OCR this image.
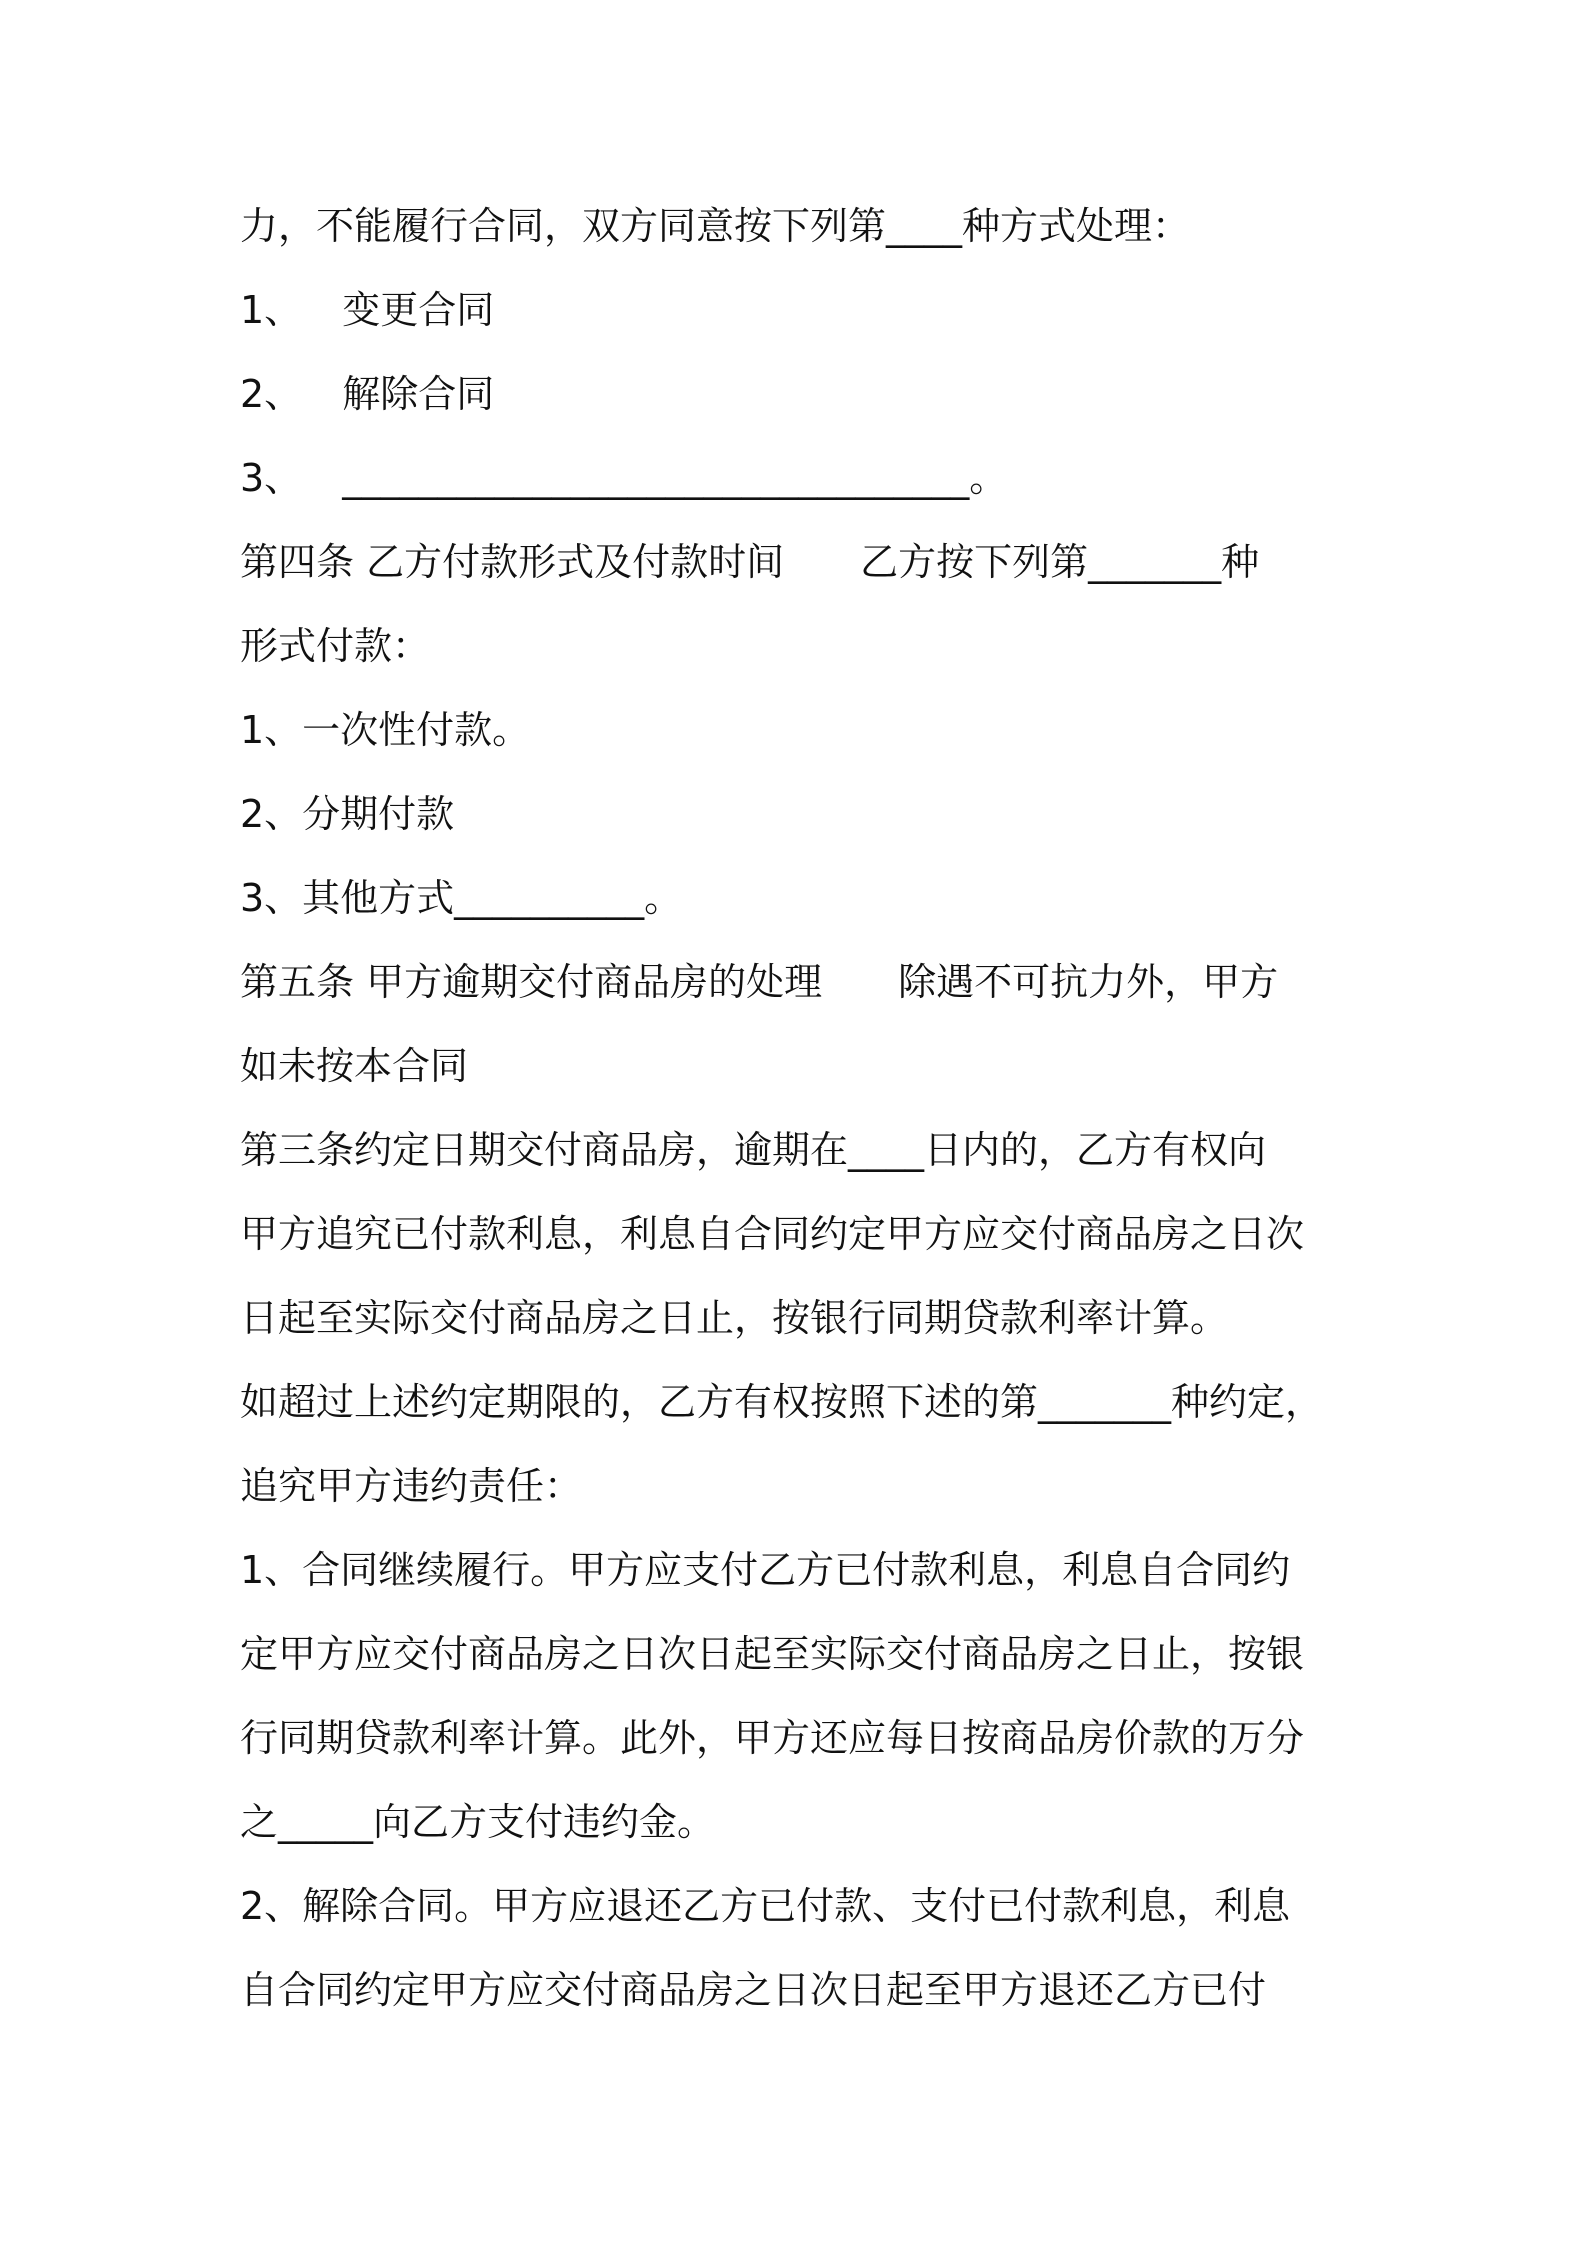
力，不能履行合同，双方同意按下列第____种方式处理：
1、 变更合同
2、 解除合同
3、 _________________________________。
第四条 乙方付款形式及付款时间 乙方按下列第_______种
形式付款：
1、一次性付款。
2、分期付款
3、其他方式__________。
第五条 甲方逾期交付商品房的处理 除遇不可抗力外，甲方
如未按本合同
第三条约定日期交付商品房，逾期在____日内的，乙方有权向
甲方追究已付款利息，利息自合同约定甲方应交付商品房之日次
日起至实际交付商品房之日止，按银行同期贷款利率计算。
如超过上述约定期限的，乙方有权按照下述的第_______种约定，
追究甲方违约责任：
1、合同继续履行。甲方应支付乙方已付款利息，利息自合同约
定甲方应交付商品房之日次日起至实际交付商品房之日止，按银
行同期贷款利率计算。此外，甲方还应每日按商品房价款的万分
之_____向乙方支付违约金。
2、解除合同。甲方应退还乙方已付款、支付已付款利息，利息
自合同约定甲方应交付商品房之日次日起至甲方退还乙方已付
